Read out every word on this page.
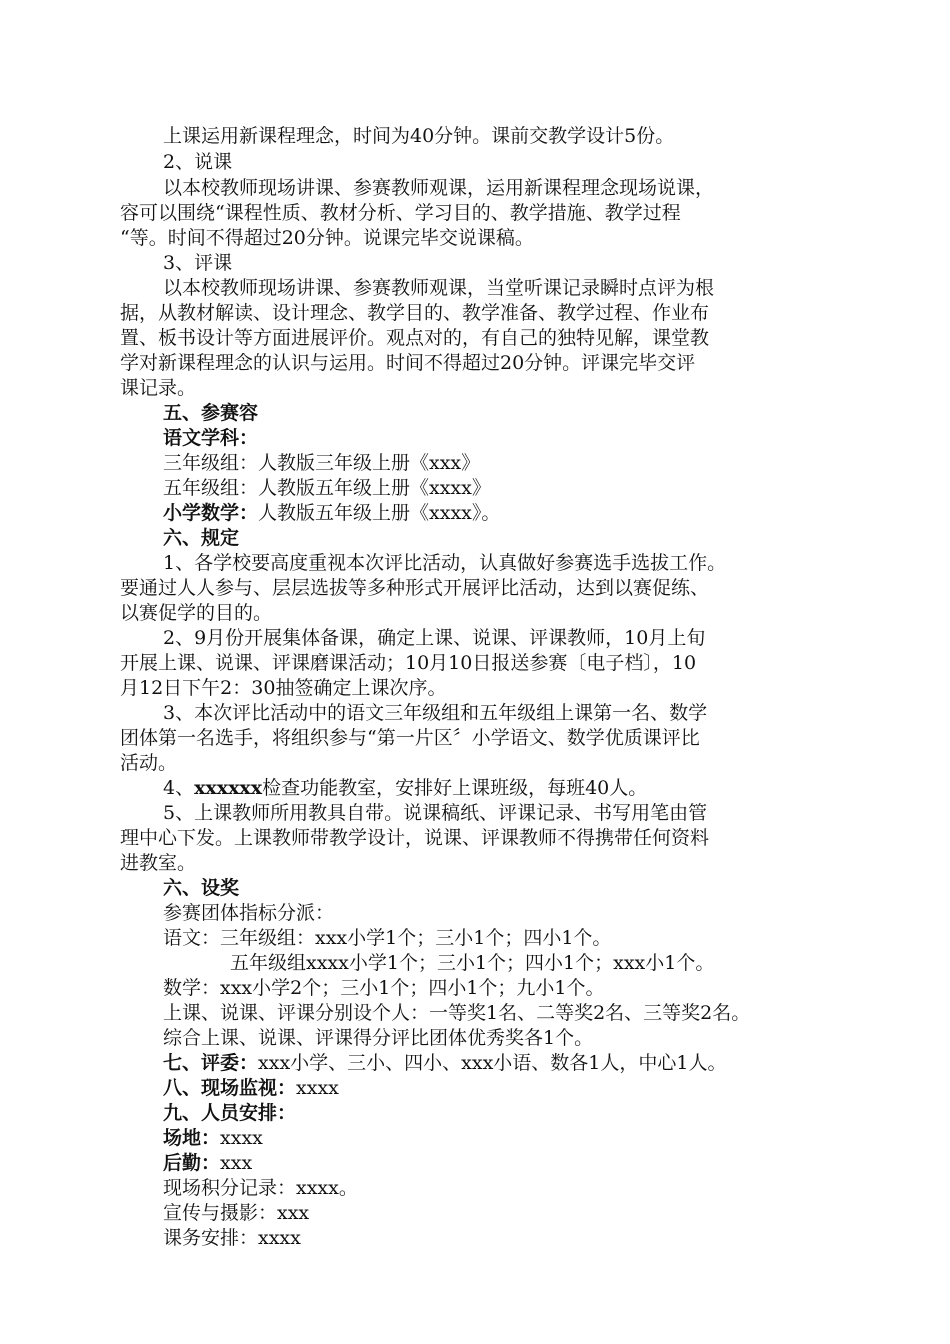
上课运用新课程理念，时间为40分钟。课前交教学设计5份。
2、说课
以本校教师现场讲课、参赛教师观课，运用新课程理念现场说课，
容可以围绕“课程性质、教材分析、学习目的、教学措施、教学过程
“等。时间不得超过20分钟。说课完毕交说课稿。
3、评课
以本校教师现场讲课、参赛教师观课，当堂听课记录瞬时点评为根
据，从教材解读、设计理念、教学目的、教学准备、教学过程、作业布
置、板书设计等方面进展评价。观点对的，有自己的独特见解，课堂教
学对新课程理念的认识与运用。时间不得超过20分钟。评课完毕交评
课记录。
五、参赛容
语文学科：
三年级组：人教版三年级上册《xxx》
五年级组：人教版五年级上册《xxxx》
小学数学：人教版五年级上册《xxxx》。
六、规定
1、各学校要高度重视本次评比活动，认真做好参赛选手选拔工作。
要通过人人参与、层层选拔等多种形式开展评比活动，达到以赛促练、
以赛促学的目的。
2、9月份开展集体备课，确定上课、说课、评课教师，10月上旬
开展上课、说课、评课磨课活动；10月10日报送参赛〔电子档〕，10
月12日下午2：30抽签确定上课次序。
3、本次评比活动中的语文三年级组和五年级组上课第一名、数学
团体第一名选手，将组织参与“第一片区〞小学语文、数学优质课评比
活动。
4、xxxxxx检查功能教室，安排好上课班级，每班40人。
5、上课教师所用教具自带。说课稿纸、评课记录、书写用笔由管
理中心下发。上课教师带教学设计，说课、评课教师不得携带任何资料
进教室。
六、设奖
参赛团体指标分派：
语文：三年级组：xxx小学1个；三小1个；四小1个。
五年级组xxxx小学1个；三小1个；四小1个；xxx小1个。
数学：xxx小学2个；三小1个；四小1个；九小1个。
上课、说课、评课分别设个人：一等奖1名、二等奖2名、三等奖2名。
综合上课、说课、评课得分评比团体优秀奖各1个。
七、评委：xxx小学、三小、四小、xxx小语、数各1人，中心1人。
八、现场监视：xxxx
九、人员安排：
场地：xxxx
后勤：xxx
现场积分记录：xxxx。
宣传与摄影：xxx
课务安排：xxxx
